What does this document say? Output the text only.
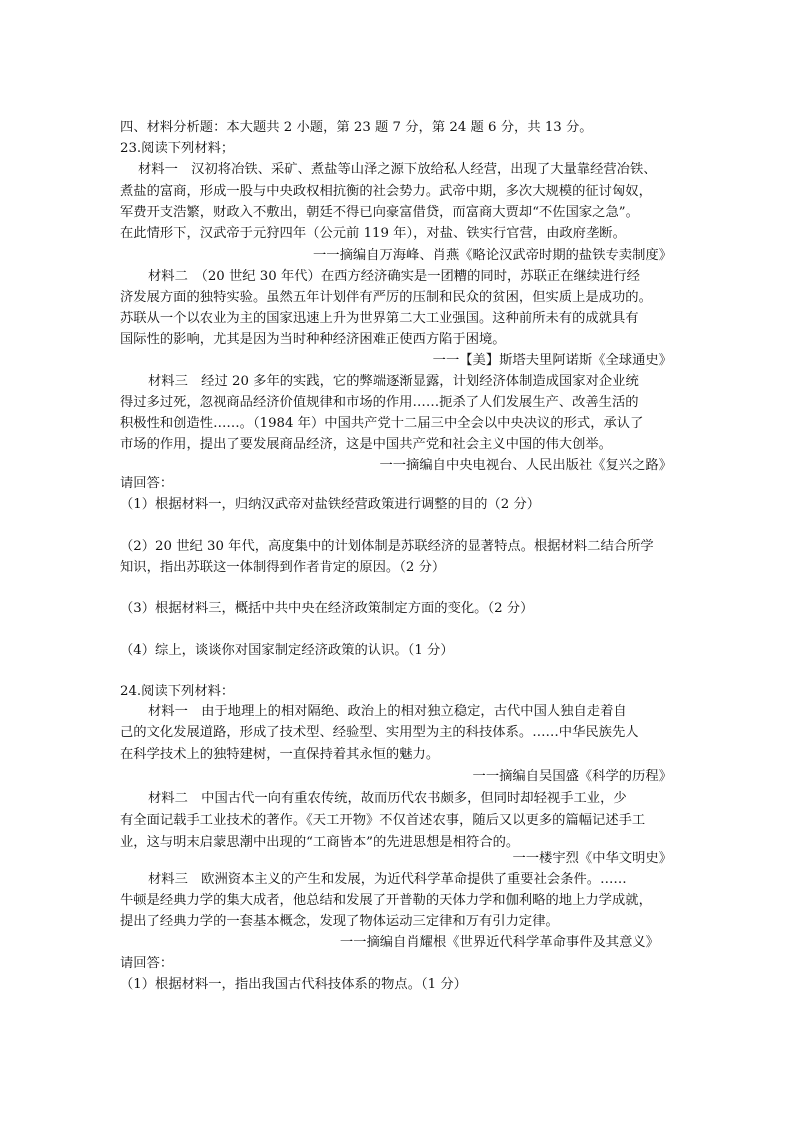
四、材料分析题：本大题共 2 小题，第 23 题 7 分，第 24 题 6 分，共 13 分。
23.阅读下列材料；
材料一　汉初将冶铁、采矿、煮盐等山泽之源下放给私人经营，出现了大量靠经营冶铁、
煮盐的富商，形成一股与中央政权相抗衡的社会势力。武帝中期，多次大规模的征讨匈奴，
军费开支浩繁，财政入不敷出，朝廷不得已向豪富借贷，而富商大贾却“不佐国家之急”。
在此情形下，汉武帝于元狩四年（公元前 119 年），对盐、铁实行官营，由政府垄断。
一一摘编自万海峰、肖燕《略论汉武帝时期的盐铁专卖制度》
材料二　（20 世纪 30 年代）在西方经济确实是一团糟的同时，苏联正在继续进行经
济发展方面的独特实验。虽然五年计划伴有严厉的压制和民众的贫困，但实质上是成功的。
苏联从一个以农业为主的国家迅速上升为世界第二大工业强国。这种前所未有的成就具有
国际性的影响，尤其是因为当时种种经济困难正使西方陷于困境。
一一【美】斯塔夫里阿诺斯《全球通史》
材料三　经过 20 多年的实践，它的弊端逐渐显露，计划经济体制造成国家对企业统
得过多过死，忽视商品经济价值规律和市场的作用……扼杀了人们发展生产、改善生活的
积极性和创造性……。（1984 年）中国共产党十二届三中全会以中央决议的形式，承认了
市场的作用，提出了要发展商品经济，这是中国共产党和社会主义中国的伟大创举。
一一摘编自中央电视台、人民出版社《复兴之路》
请回答：
（1）根据材料一，归纳汉武帝对盐铁经营政策进行调整的目的（2 分）
（2）20 世纪 30 年代，高度集中的计划体制是苏联经济的显著特点。根据材料二结合所学
知识，指出苏联这一体制得到作者肯定的原因。（2 分）
（3）根据材料三，概括中共中央在经济政策制定方面的变化。（2 分）
（4）综上，谈谈你对国家制定经济政策的认识。（1 分）
24.阅读下列材料：
材料一　由于地理上的相对隔绝、政治上的相对独立稳定，古代中国人独自走着自
己的文化发展道路，形成了技术型、经验型、实用型为主的科技体系。……中华民族先人
在科学技术上的独特建树，一直保持着其永恒的魅力。
一一摘编自吴国盛《科学的历程》
材料二　中国古代一向有重农传统，故而历代农书颇多，但同时却轻视手工业，少
有全面记载手工业技术的著作。《天工开物》不仅首述农事，随后又以更多的篇幅记述手工
业，这与明末启蒙思潮中出现的“工商皆本”的先进思想是相符合的。
一一楼宇烈《中华文明史》
材料三　欧洲资本主义的产生和发展，为近代科学革命提供了重要社会条件。……
牛顿是经典力学的集大成者，他总结和发展了开普勒的天体力学和伽利略的地上力学成就，
提出了经典力学的一套基本概念，发现了物体运动三定律和万有引力定律。
一一摘编自肖耀根《世界近代科学革命事件及其意义》
请回答：
（1）根据材料一，指出我国古代科技体系的物点。（1 分）
